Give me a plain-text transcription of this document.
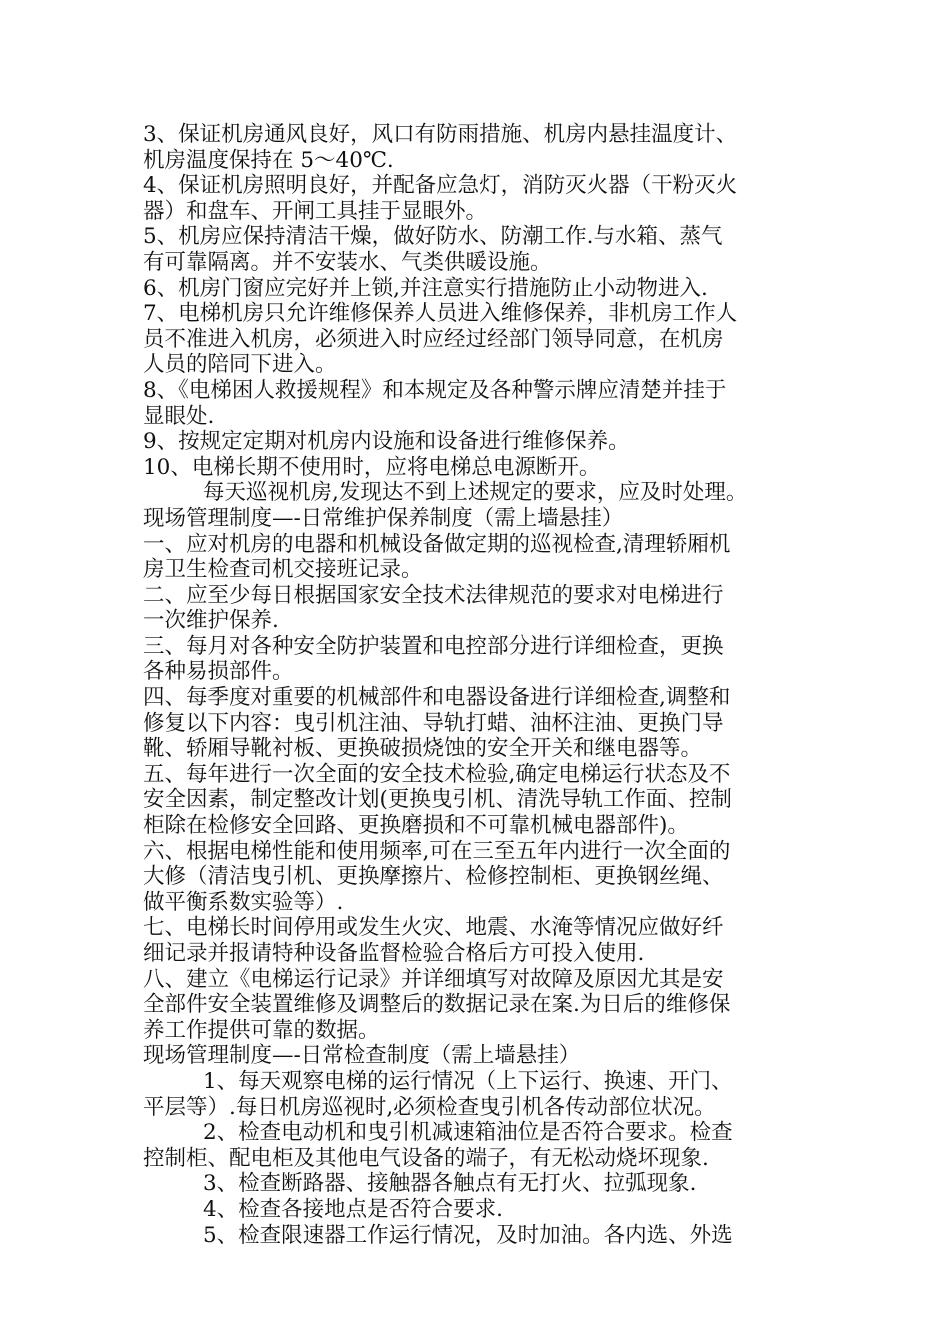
3、保证机房通风良好，风口有防雨措施、机房内悬挂温度计、
机房温度保持在 5～40℃.
4、保证机房照明良好，并配备应急灯，消防灭火器（干粉灭火
器）和盘车、开闸工具挂于显眼外。
5、机房应保持清洁干燥，做好防水、防潮工作.与水箱、蒸气
有可靠隔离。并不安装水、气类供暖设施。
6、机房门窗应完好并上锁,并注意实行措施防止小动物进入.
7、电梯机房只允许维修保养人员进入维修保养，非机房工作人
员不准进入机房，必须进入时应经过经部门领导同意，在机房
人员的陪同下进入。
8、《电梯困人救援规程》和本规定及各种警示牌应清楚并挂于
显眼处.
9、按规定定期对机房内设施和设备进行维修保养。
10、电梯长期不使用时，应将电梯总电源断开。
每天巡视机房,发现达不到上述规定的要求，应及时处理。
现场管理制度—-日常维护保养制度（需上墙悬挂）
一、应对机房的电器和机械设备做定期的巡视检查,清理轿厢机
房卫生检查司机交接班记录。
二、应至少每日根据国家安全技术法律规范的要求对电梯进行
一次维护保养.
三、每月对各种安全防护装置和电控部分进行详细检查，更换
各种易损部件。
四、每季度对重要的机械部件和电器设备进行详细检查,调整和
修复以下内容：曳引机注油、导轨打蜡、油杯注油、更换门导
靴、轿厢导靴衬板、更换破损烧蚀的安全开关和继电器等。
五、每年进行一次全面的安全技术检验,确定电梯运行状态及不
安全因素，制定整改计划(更换曳引机、清洗导轨工作面、控制
柜除在检修安全回路、更换磨损和不可靠机械电器部件)。
六、根据电梯性能和使用频率,可在三至五年内进行一次全面的
大修（清洁曳引机、更换摩擦片、检修控制柜、更换钢丝绳、
做平衡系数实验等）.
七、电梯长时间停用或发生火灾、地震、水淹等情况应做好纤
细记录并报请特种设备监督检验合格后方可投入使用.
八、建立《电梯运行记录》并详细填写对故障及原因尤其是安
全部件安全装置维修及调整后的数据记录在案.为日后的维修保
养工作提供可靠的数据。
现场管理制度—-日常检查制度（需上墙悬挂）
1、每天观察电梯的运行情况（上下运行、换速、开门、
平层等）.每日机房巡视时,必须检查曳引机各传动部位状况。
2、检查电动机和曳引机减速箱油位是否符合要求。检查
控制柜、配电柜及其他电气设备的端子，有无松动烧坏现象.
3、检查断路器、接触器各触点有无打火、拉弧现象.
4、检查各接地点是否符合要求.
5、检查限速器工作运行情况，及时加油。各内选、外选
